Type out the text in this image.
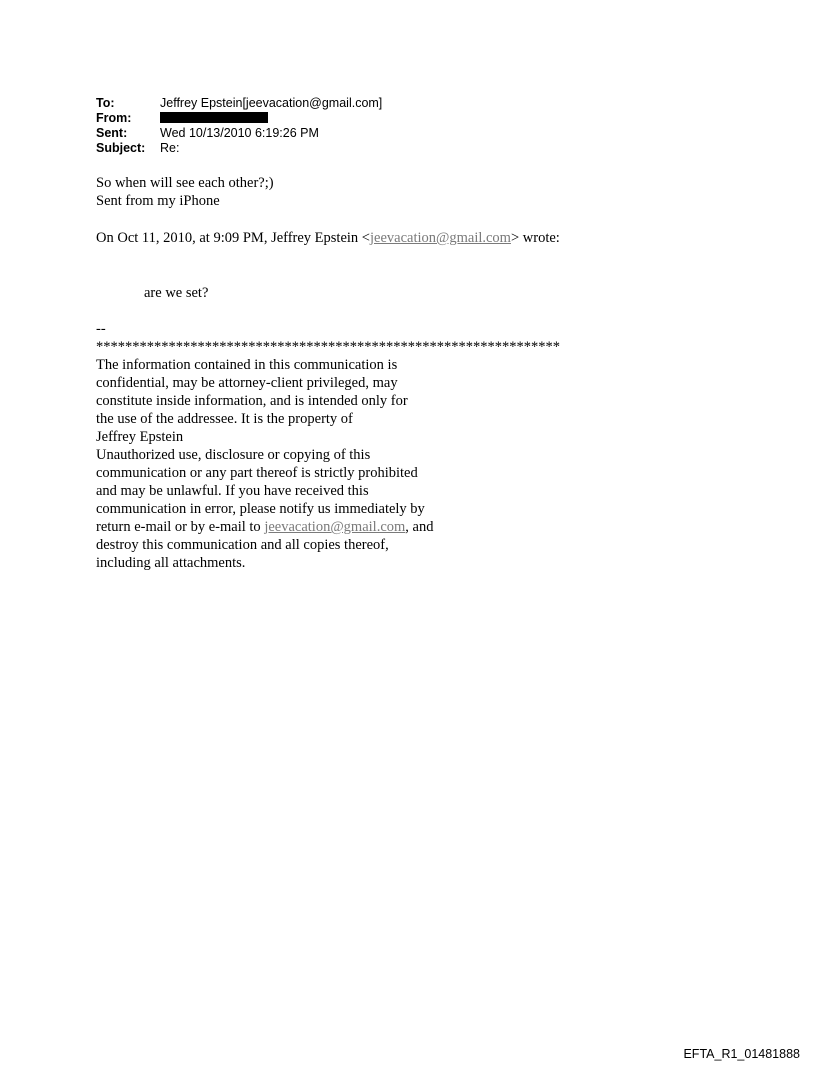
To:	Jeffrey Epstein[jeevacation@gmail.com]
From:
Sent:	Wed 10/13/2010 6:19:26 PM
Subject:	Re:
So when will see each other?;)
Sent from my iPhone
On Oct 11, 2010, at 9:09 PM, Jeffrey Epstein <jeevacation@gmail.com> wrote:
are we set?
--
****************************************************************
The information contained in this communication is
confidential, may be attorney-client privileged, may
constitute inside information, and is intended only for
the use of the addressee. It is the property of
Jeffrey Epstein
Unauthorized use, disclosure or copying of this
communication or any part thereof is strictly prohibited
and may be unlawful. If you have received this
communication in error, please notify us immediately by
return e-mail or by e-mail to jeevacation@gmail.com, and
destroy this communication and all copies thereof,
including all attachments.
EFTA_R1_01481888
